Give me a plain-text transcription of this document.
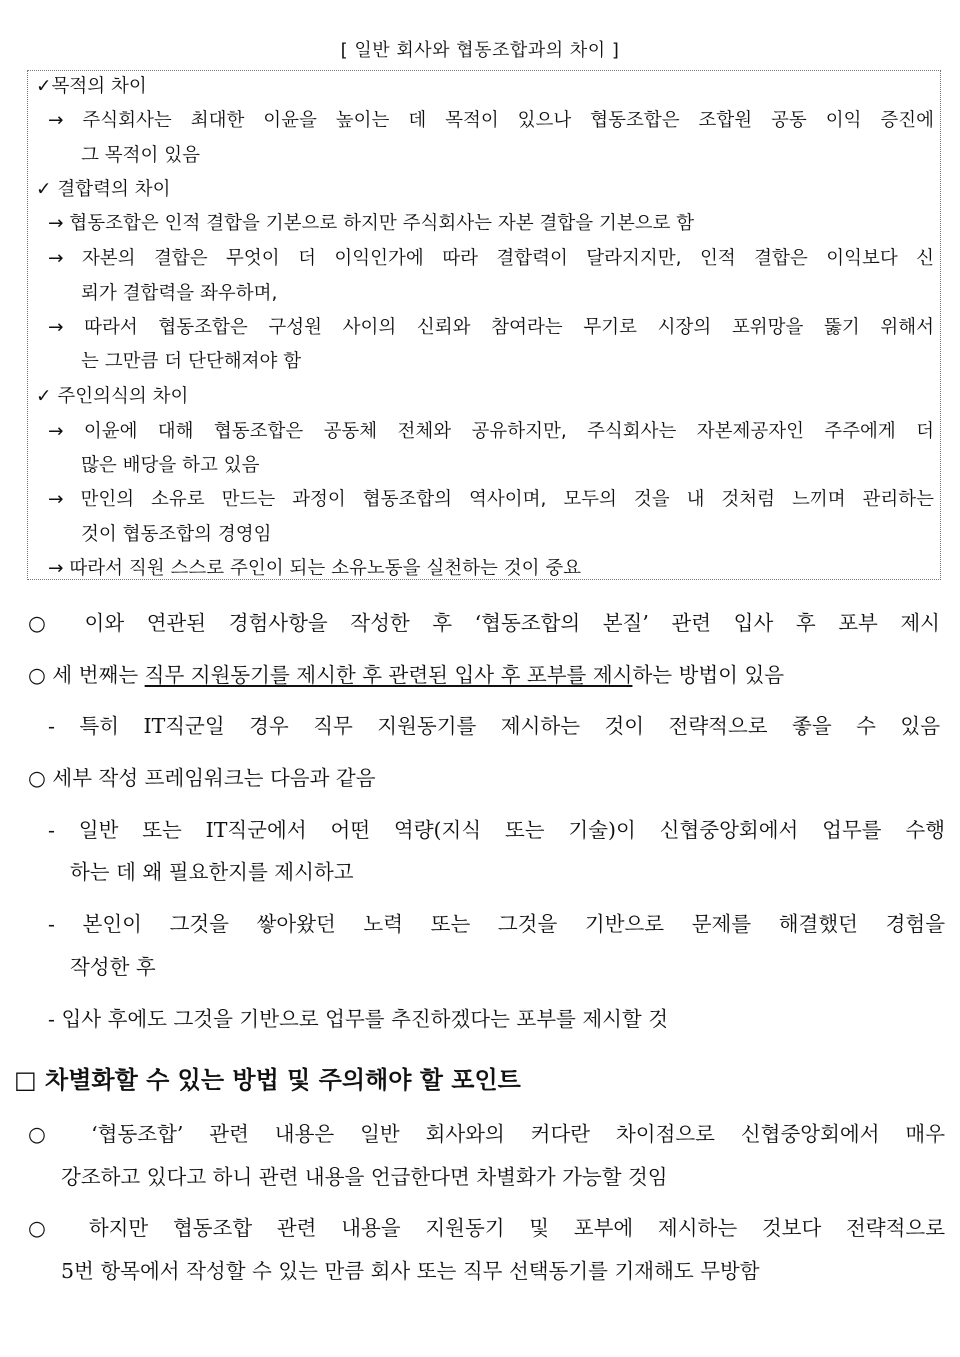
[ 일반 회사와 협동조합과의 차이 ]
✓목적의 차이
→ 주식회사는 최대한 이윤을 높이는 데 목적이 있으나 협동조합은 조합원 공동 이익 증진에
그 목적이 있음
✓ 결합력의 차이
→ 협동조합은 인적 결합을 기본으로 하지만 주식회사는 자본 결합을 기본으로 함
→ 자본의 결합은 무엇이 더 이익인가에 따라 결합력이 달라지지만, 인적 결합은 이익보다 신
뢰가 결합력을 좌우하며,
→ 따라서 협동조합은 구성원 사이의 신뢰와 참여라는 무기로 시장의 포위망을 뚫기 위해서
는 그만큼 더 단단해져야 함
✓ 주인의식의 차이
→ 이윤에 대해 협동조합은 공동체 전체와 공유하지만, 주식회사는 자본제공자인 주주에게 더
많은 배당을 하고 있음
→ 만인의 소유로 만드는 과정이 협동조합의 역사이며, 모두의 것을 내 것처럼 느끼며 관리하는
것이 협동조합의 경영임
→ 따라서 직원 스스로 주인이 되는 소유노동을 실천하는 것이 중요
○ 이와 연관된 경험사항을 작성한 후 ‘협동조합의 본질’ 관련 입사 후 포부 제시
○ 세 번째는 직무 지원동기를 제시한 후 관련된 입사 후 포부를 제시하는 방법이 있음
- 특히 IT직군일 경우 직무 지원동기를 제시하는 것이 전략적으로 좋을 수 있음
○ 세부 작성 프레임워크는 다음과 같음
- 일반 또는 IT직군에서 어떤 역량(지식 또는 기술)이 신협중앙회에서 업무를 수행
하는 데 왜 필요한지를 제시하고
- 본인이 그것을 쌓아왔던 노력 또는 그것을 기반으로 문제를 해결했던 경험을
작성한 후
- 입사 후에도 그것을 기반으로 업무를 추진하겠다는 포부를 제시할 것
□ 차별화할 수 있는 방법 및 주의해야 할 포인트
○ ‘협동조합’ 관련 내용은 일반 회사와의 커다란 차이점으로 신협중앙회에서 매우
강조하고 있다고 하니 관련 내용을 언급한다면 차별화가 가능할 것임
○ 하지만 협동조합 관련 내용을 지원동기 및 포부에 제시하는 것보다 전략적으로
5번 항목에서 작성할 수 있는 만큼 회사 또는 직무 선택동기를 기재해도 무방함
